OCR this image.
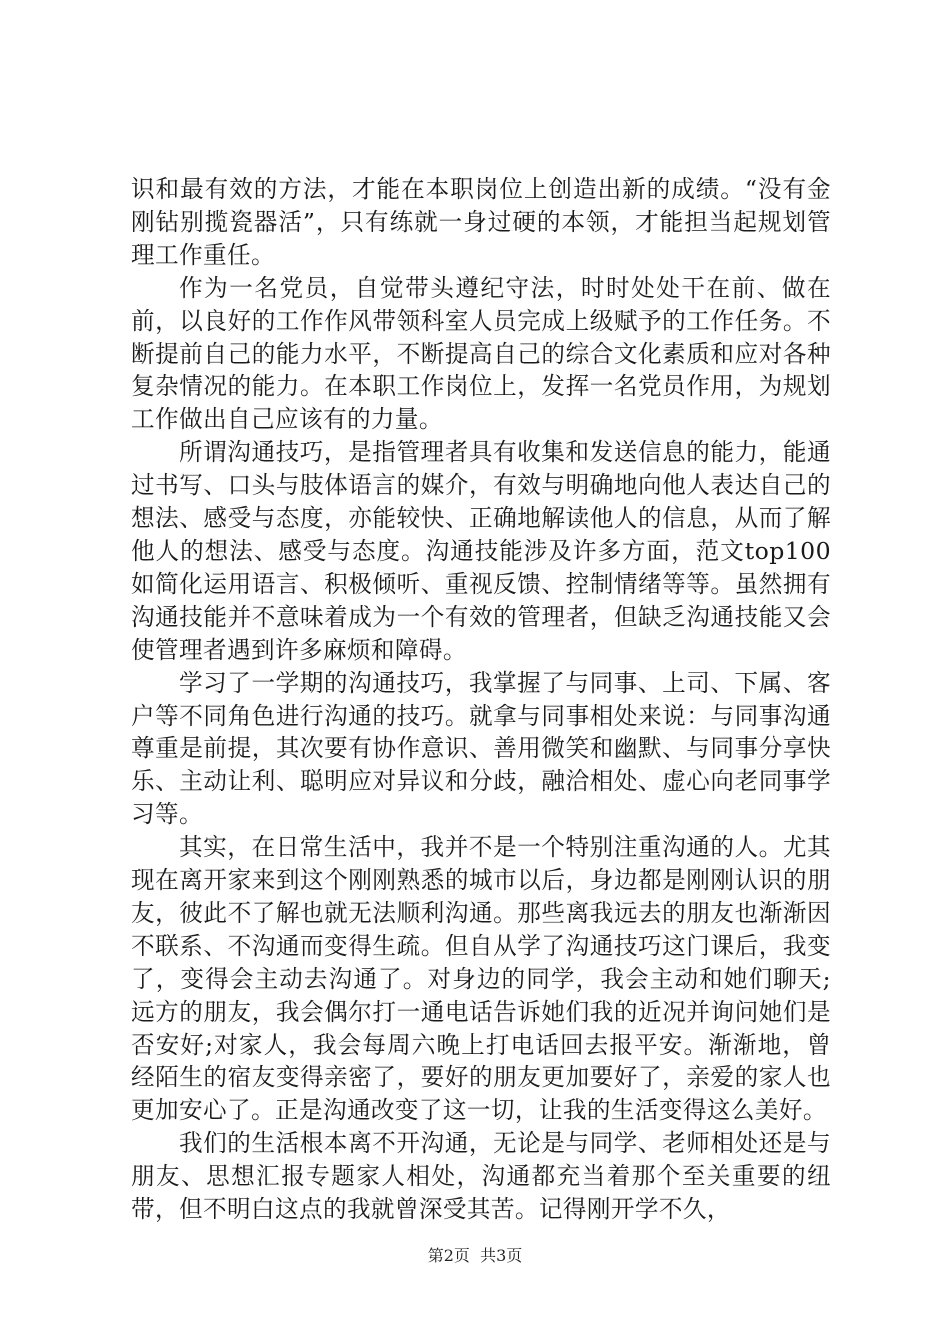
识和最有效的方法，才能在本职岗位上创造出新的成绩。“没有金刚钻别揽瓷器活”，只有练就一身过硬的本领，才能担当起规划管理工作重任。

作为一名党员，自觉带头遵纪守法，时时处处干在前、做在前，以良好的工作作风带领科室人员完成上级赋予的工作任务。不断提前自己的能力水平，不断提高自己的综合文化素质和应对各种复杂情况的能力。在本职工作岗位上，发挥一名党员作用，为规划工作做出自己应该有的力量。

所谓沟通技巧，是指管理者具有收集和发送信息的能力，能通过书写、口头与肢体语言的媒介，有效与明确地向他人表达自己的想法、感受与态度，亦能较快、正确地解读他人的信息，从而了解他人的想法、感受与态度。沟通技能涉及许多方面，范文top100如简化运用语言、积极倾听、重视反馈、控制情绪等等。虽然拥有沟通技能并不意味着成为一个有效的管理者，但缺乏沟通技能又会使管理者遇到许多麻烦和障碍。

学习了一学期的沟通技巧，我掌握了与同事、上司、下属、客户等不同角色进行沟通的技巧。就拿与同事相处来说：与同事沟通尊重是前提，其次要有协作意识、善用微笑和幽默、与同事分享快乐、主动让利、聪明应对异议和分歧，融洽相处、虚心向老同事学习等。

其实，在日常生活中，我并不是一个特别注重沟通的人。尤其现在离开家来到这个刚刚熟悉的城市以后，身边都是刚刚认识的朋友，彼此不了解也就无法顺利沟通。那些离我远去的朋友也渐渐因不联系、不沟通而变得生疏。但自从学了沟通技巧这门课后，我变了，变得会主动去沟通了。对身边的同学，我会主动和她们聊天;远方的朋友，我会偶尔打一通电话告诉她们我的近况并询问她们是否安好;对家人，我会每周六晚上打电话回去报平安。渐渐地，曾经陌生的宿友变得亲密了，要好的朋友更加要好了，亲爱的家人也更加安心了。正是沟通改变了这一切，让我的生活变得这么美好。

我们的生活根本离不开沟通，无论是与同学、老师相处还是与朋友、思想汇报专题家人相处，沟通都充当着那个至关重要的纽带，但不明白这点的我就曾深受其苦。记得刚开学不久，

第2页  共3页
